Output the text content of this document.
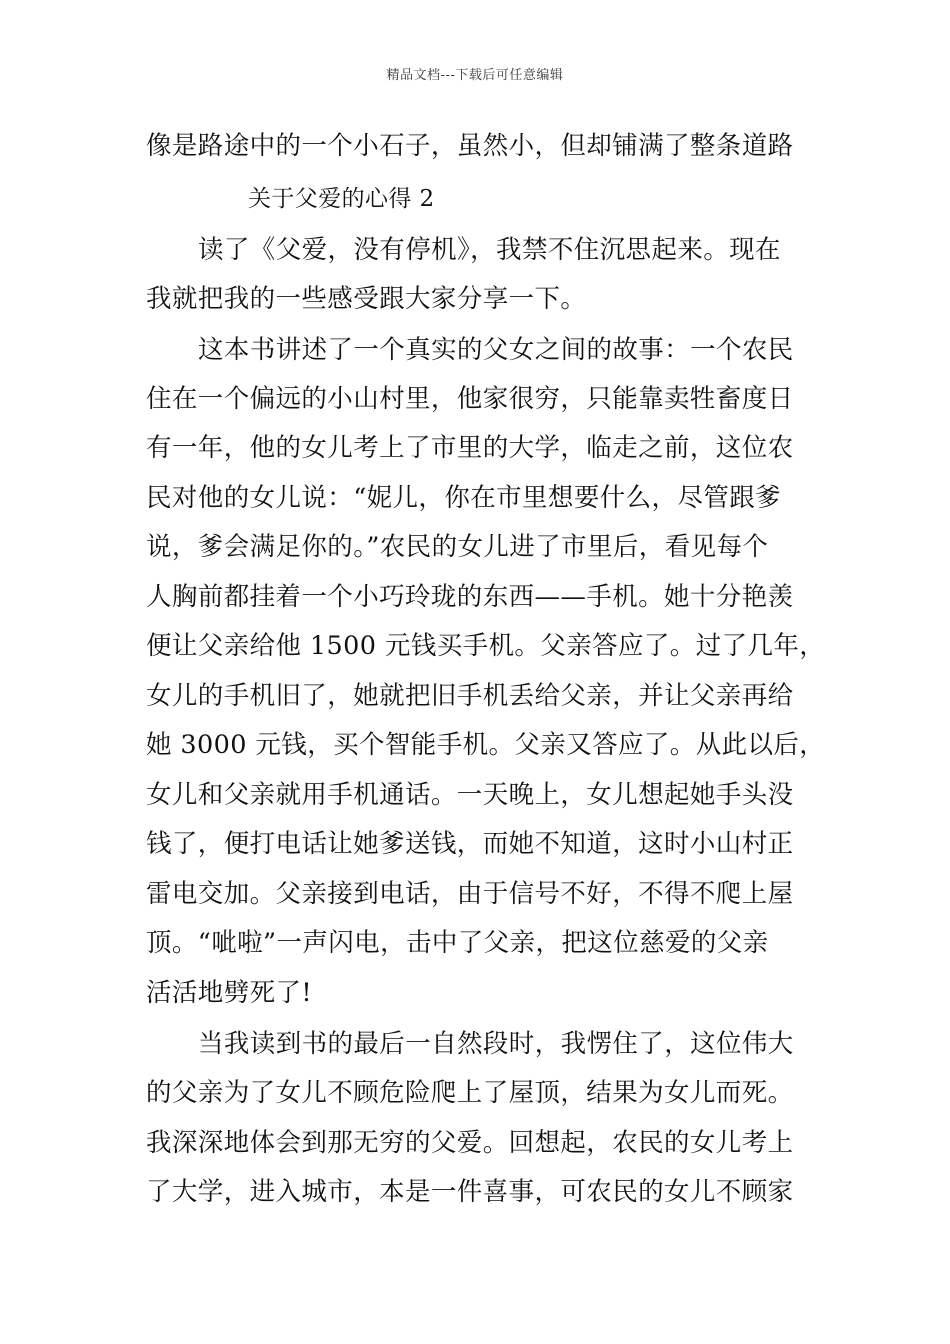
精品文档---下载后可任意编辑
像是路途中的一个小石子，虽然小，但却铺满了整条道路
关于父爱的心得 2
读了《父爱，没有停机》，我禁不住沉思起来。现在
我就把我的一些感受跟大家分享一下。
这本书讲述了一个真实的父女之间的故事：一个农民
住在一个偏远的小山村里，他家很穷，只能靠卖牲畜度日
有一年，他的女儿考上了市里的大学，临走之前，这位农
民对他的女儿说：“妮儿，你在市里想要什么，尽管跟爹
说，爹会满足你的。”农民的女儿进了市里后，看见每个
人胸前都挂着一个小巧玲珑的东西——手机。她十分艳羡
便让父亲给他 1500 元钱买手机。父亲答应了。过了几年，
女儿的手机旧了，她就把旧手机丢给父亲，并让父亲再给
她 3000 元钱，买个智能手机。父亲又答应了。从此以后，
女儿和父亲就用手机通话。一天晚上，女儿想起她手头没
钱了，便打电话让她爹送钱，而她不知道，这时小山村正
雷电交加。父亲接到电话，由于信号不好，不得不爬上屋
顶。“呲啦”一声闪电，击中了父亲，把这位慈爱的父亲
活活地劈死了!
当我读到书的最后一自然段时，我愣住了，这位伟大
的父亲为了女儿不顾危险爬上了屋顶，结果为女儿而死。
我深深地体会到那无穷的父爱。回想起，农民的女儿考上
了大学，进入城市，本是一件喜事，可农民的女儿不顾家
